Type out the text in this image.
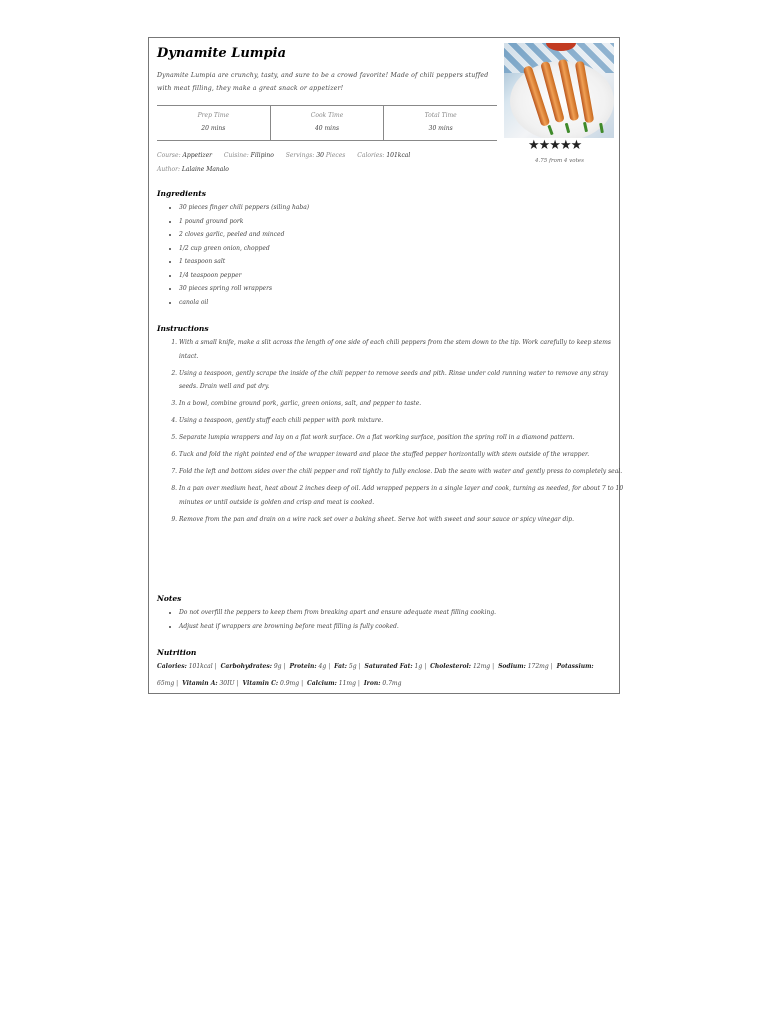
Dynamite Lumpia
Dynamite Lumpia are crunchy, tasty, and sure to be a crowd favorite! Made of chili peppers stuffed with meat filling, they make a great snack or appetizer!
★★★★★
4.75 from 4 votes
Prep Time
20 mins
Cook Time
40 mins
Total Time
30 mins
Course: Appetizer Cuisine: Filipino Servings: 30 Pieces Calories: 101kcal
Author: Lalaine Manalo
Ingredients
• 30 pieces finger chili peppers (siling haba)
• 1 pound ground pork
• 2 cloves garlic, peeled and minced
• 1/2 cup green onion, chopped
• 1 teaspoon salt
• 1/4 teaspoon pepper
• 30 pieces spring roll wrappers
• canola oil
Instructions
1. With a small knife, make a slit across the length of one side of each chili peppers from the stem down to the tip. Work carefully to keep stems intact.
2. Using a teaspoon, gently scrape the inside of the chili pepper to remove seeds and pith. Rinse under cold running water to remove any stray seeds. Drain well and pat dry.
3. In a bowl, combine ground pork, garlic, green onions, salt, and pepper to taste.
4. Using a teaspoon, gently stuff each chili pepper with pork mixture.
5. Separate lumpia wrappers and lay on a flat work surface. On a flat working surface, position the spring roll in a diamond pattern.
6. Tuck and fold the right pointed end of the wrapper inward and place the stuffed pepper horizontally with stem outside of the wrapper.
7. Fold the left and bottom sides over the chili pepper and roll tightly to fully enclose. Dab the seam with water and gently press to completely seal.
8. In a pan over medium heat, heat about 2 inches deep of oil. Add wrapped peppers in a single layer and cook, turning as needed, for about 7 to 10 minutes or until outside is golden and crisp and meat is cooked.
9. Remove from the pan and drain on a wire rack set over a baking sheet. Serve hot with sweet and sour sauce or spicy vinegar dip.
Notes
• Do not overfill the peppers to keep them from breaking apart and ensure adequate meat filling cooking.
• Adjust heat if wrappers are browning before meat filling is fully cooked.
Nutrition
Calories: 101kcal | Carbohydrates: 9g | Protein: 4g | Fat: 5g | Saturated Fat: 1g | Cholesterol: 12mg | Sodium: 172mg | Potassium: 65mg | Vitamin A: 30IU | Vitamin C: 0.9mg | Calcium: 11mg | Iron: 0.7mg
